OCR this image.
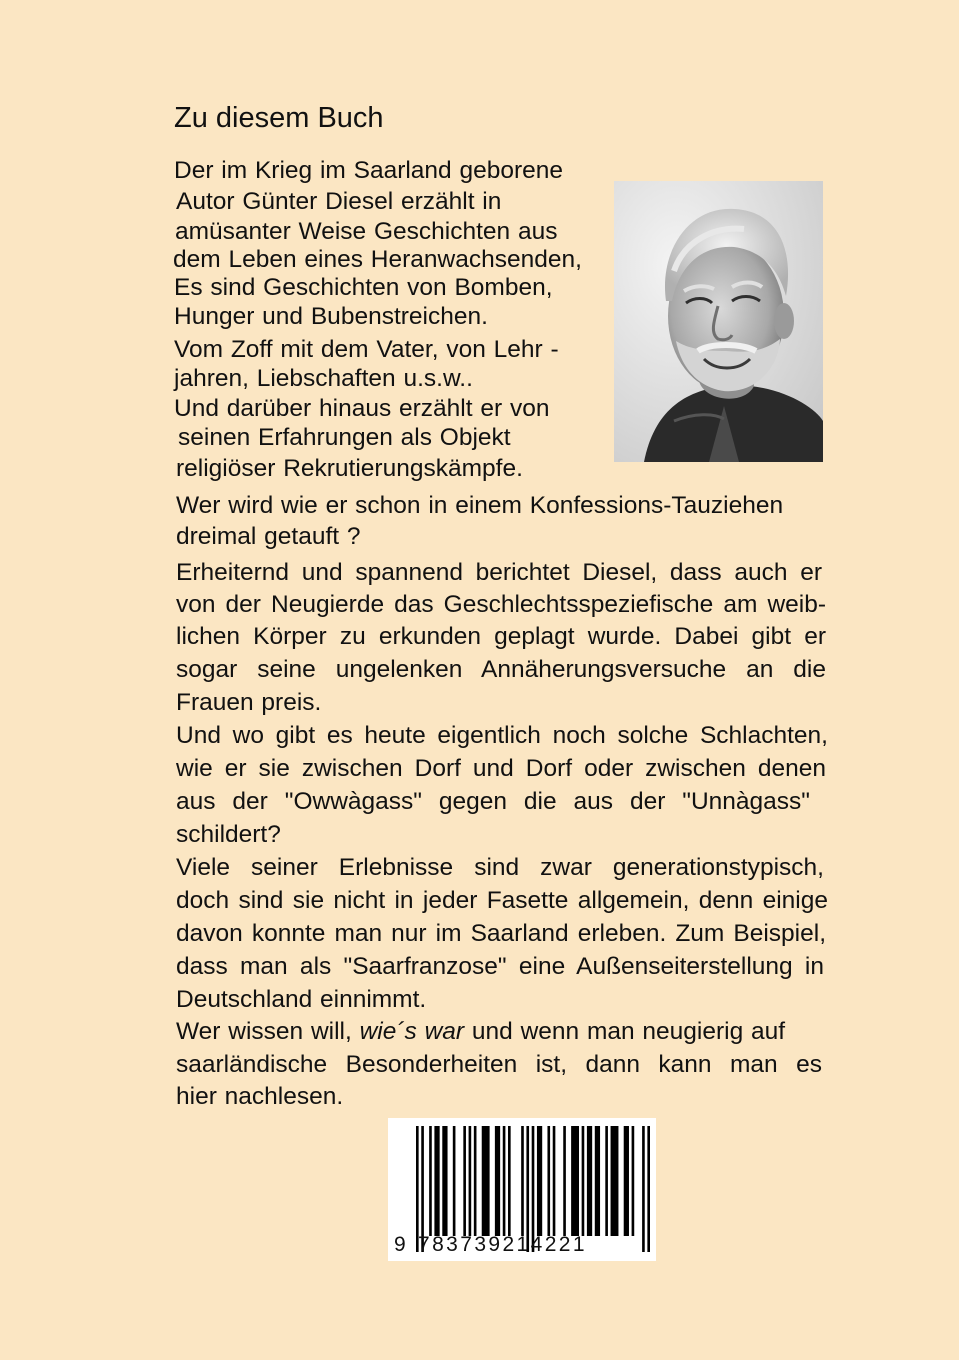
Zu diesem Buch
Der im Krieg im Saarland geborene
Autor Günter Diesel erzählt in
amüsanter Weise Geschichten aus
dem Leben eines Heranwachsenden,
Es sind Geschichten von Bomben,
Hunger und Bubenstreichen.
Vom Zoff mit dem Vater, von Lehr -
jahren, Liebschaften u.s.w..
Und darüber hinaus erzählt er von
seinen Erfahrungen als Objekt
religiöser Rekrutierungskämpfe.
Wer wird wie er schon in einem Konfessions-Tauziehen
dreimal getauft ?
Erheiternd und spannend berichtet Diesel, dass auch er
von der Neugierde das Geschlechtsspeziefische am weib-
lichen Körper zu erkunden geplagt wurde. Dabei gibt er
sogar seine ungelenken Annäherungsversuche an die
Frauen preis.
Und wo gibt es heute eigentlich noch solche Schlachten,
wie er sie zwischen Dorf und Dorf oder zwischen denen
aus der "Owwàgass" gegen die aus der "Unnàgass"
schildert?
Viele seiner Erlebnisse sind zwar generationstypisch,
doch sind sie nicht in jeder Fasette allgemein, denn einige
davon konnte man nur im Saarland erleben. Zum Beispiel,
dass man als "Saarfranzose" eine Außenseiterstellung in
Deutschland einnimmt.
Wer wissen will, wie´s war und wenn man neugierig auf
saarländische Besonderheiten ist, dann kann man es
hier nachlesen.
9 783739214221
